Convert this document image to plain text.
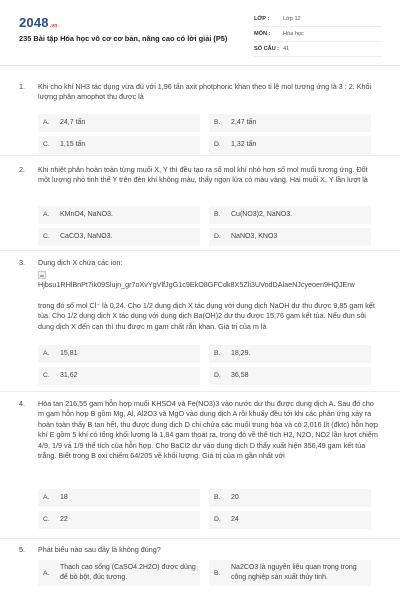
2048.vn
235 Bài tập Hóa học vô cơ cơ bản, nâng cao có lời giải (P5)
LỚP : Lớp 12
MÔN : Hóa học
SỐ CÂU : 41
1. Khi cho khí NH3 tác dụng vừa đủ với 1,96 tấn axit photphoric khan theo tỉ lệ mol tương ứng là 3 : 2. Khối lượng phân amophot thu được là
A. 24,7 tấn	B. 2,47 tấn
C. 1,15 tấn	D. 1,32 tấn
2. Khi nhiệt phân hoàn toàn từng muối X, Y thì đều tạo ra số mol khí nhỏ hơn số mol muối tương ứng. Đốt một lượng nhỏ tinh thể Y trên đèn khí không màu, thấy ngọn lửa có màu vàng. Hai muối X, Y lần lượt là
A. KMnO4, NaNO3.	B. Cu(NO3)2, NaNO3.
C. CaCO3, NaNO3.	D. NaNO3, KNO3
3. Dung dịch X chứa các ion:
Hjbsu1RHlBnPt7ik09Slujn_gr7oXvYgVlfJgG1c9EkO8GFCdk8X5Zli3UVodDAlaeNJcyeoen9HQJErw
trong đó số mol Cl⁻ là 0,24. Cho 1/2 dung dịch X tác dụng với dung dịch NaOH dư thu được 9,85 gam kết tủa. Cho 1/2 dung dịch X tác dụng với dung dịch Ba(OH)2 dư thu được 15,76 gam kết tủa. Nếu đun sôi dung dịch X đến cạn thì thu được m gam chất rắn khan. Giá trị của m là
A. 15,81	B. 18,29.
C. 31,62	D. 36,58
4. Hòa tan 216,55 gam hỗn hợp muối KHSO4 và Fe(NO3)3 vào nước dư thu được dung dịch A. Sau đó cho m gam hỗn hợp B gồm Mg, Al, Al2O3 và MgO vào dung dịch A rồi khuấy đều tới khi các phản ứng xảy ra hoàn toàn thấy B tan hết, thu được dung dịch D chỉ chứa các muối trung hòa và có 2,016 lít (đktc) hỗn hợp khí E gồm 5 khí có tổng khối lượng là 1,84 gam thoát ra, trong đó về thể tích H2, N2O, NO2 lần lượt chiếm 4/9, 1/9 và 1/9 thể tích của hỗn hợp. Cho BaCl2 dư vào dung dịch D thấy xuất hiện 356,49 gam kết tủa trắng. Biết trong B oxi chiếm 64/205 về khối lượng. Giá trị của m gần nhất với
A. 18	B. 20
C. 22	D. 24
5. Phát biểu nào sau đây là không đúng?
A.
Thạch cao sống (CaSO4.2H2O) được dùng để bó bột, đúc tượng.
B.
Na2CO3 là nguyên liệu quan trọng trong công nghiệp sản xuất thủy tinh.
